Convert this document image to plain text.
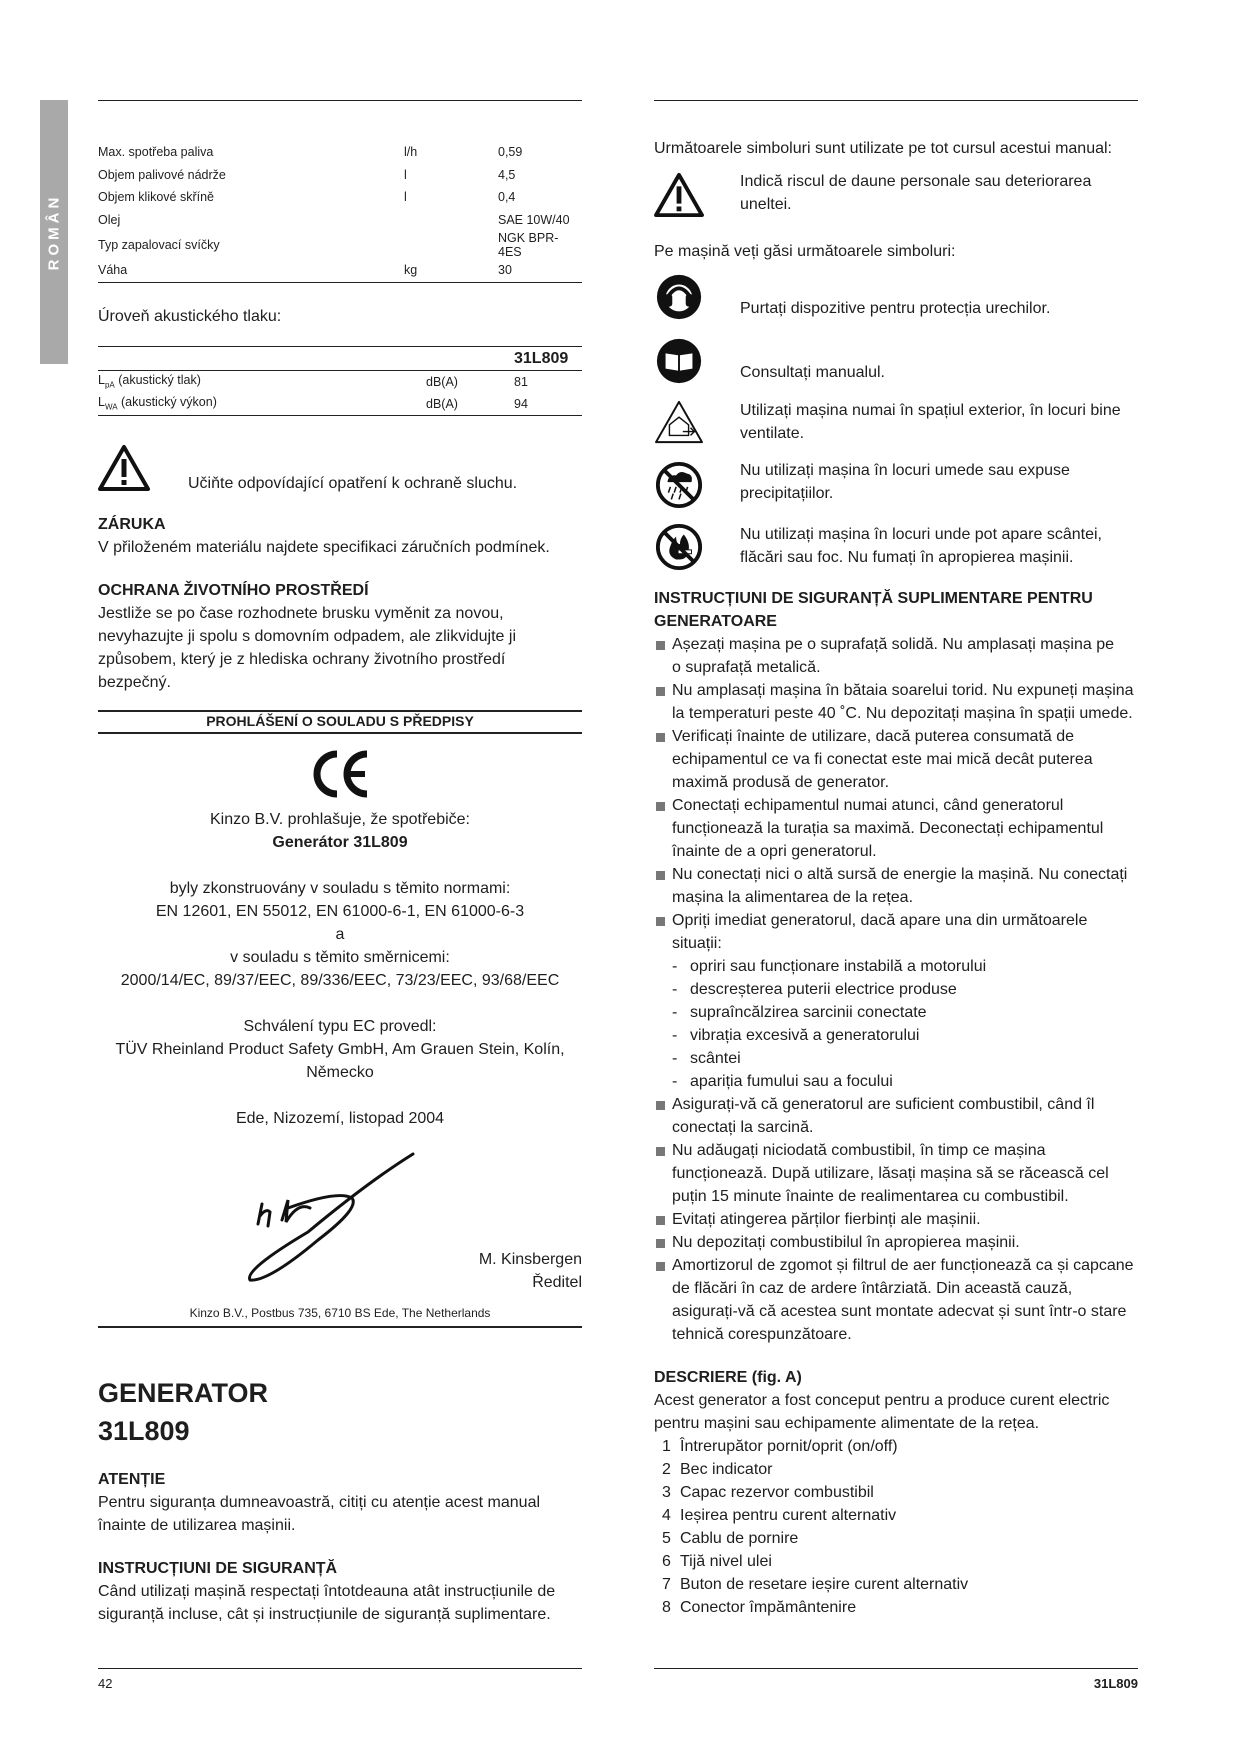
ROMÂN
Max. spotřeba paliva	l/h	0,59
Objem palivové nádrže	l	4,5
Objem klikové skříně	l	0,4
Olej		SAE 10W/40
Typ zapalovací svíčky		NGK BPR-4ES
Váha	kg	30

Úroveň akustického tlaku:

		31L809
$L_{pA}$ (akustický tlak)	dB(A)	81
$L_{WA}$ (akustický výkon)	dB(A)	94

Učiňte odpovídající opatření k ochraně sluchu.

ZÁRUKA

V přiloženém materiálu najdete specifikaci záručních podmínek.

OCHRANA ŽIVOTNÍHO PROSTŘEDÍ

Jestliže se po čase rozhodnete brusku vyměnit za novou,

nevyhazujte ji spolu s domovním odpadem, ale zlikvidujte ji

způsobem, který je z hlediska ochrany životního prostředí bezpečný.

PROHLÁŠENÍ O SOULADU S PŘEDPISY

Kinzo B.V. prohlašuje, že spotřebiče:

Generátor 31L809

byly zkonstruovány v souladu s těmito normami:

EN 12601, EN 55012, EN 61000-6-1, EN 61000-6-3

a

v souladu s těmito směrnicemi:

2000/14/EC, 89/37/EEC, 89/336/EEC, 73/23/EEC, 93/68/EEC

Schválení typu EC provedl:

TÜV Rheinland Product Safety GmbH, Am Grauen Stein, Kolín,

Německo

Ede, Nizozemí, listopad 2004

M. Kinsbergen
Ředitel
Kinzo B.V., Postbus 735, 6710 BS Ede, The Netherlands
GENERATOR
31L809

ATENȚIE

Pentru siguranța dumneavoastră, citiți cu atenție acest manual

înainte de utilizarea mașinii.

INSTRUCȚIUNI DE SIGURANȚĂ

Când utilizați mașină respectați întotdeauna atât instrucțiunile de

siguranță incluse, cât și instrucțiunile de siguranță suplimentare.

Următoarele simboluri sunt utilizate pe tot cursul acestui manual:

Indică riscul de daune personale sau deteriorarea

uneltei.

Pe mașină veți găsi următoarele simboluri:

Purtați dispozitive pentru protecția urechilor.

Consultați manualul.

Utilizați mașina numai în spațiul exterior, în locuri bine

ventilate.

Nu utilizați mașina în locuri umede sau expuse

precipitațiilor.

Nu utilizați mașina în locuri unde pot apare scântei,

flăcări sau foc. Nu fumați în apropierea mașinii.

INSTRUCȚIUNI DE SIGURANȚĂ SUPLIMENTARE PENTRU

GENERATOARE

Așezați mașina pe o suprafață solidă. Nu amplasați mașina pe
o suprafață metalică.
Nu amplasați mașina în bătaia soarelui torid. Nu expuneți mașina
la temperaturi peste 40 ˚C. Nu depozitați mașina în spații umede.
Verificați înainte de utilizare, dacă puterea consumată de
echipamentul ce va fi conectat este mai mică decât puterea
maximă produsă de generator.
Conectați echipamentul numai atunci, când generatorul
funcționează la turația sa maximă. Deconectați echipamentul
înainte de a opri generatorul.
Nu conectați nici o altă sursă de energie la mașină. Nu conectați
mașina la alimentarea de la rețea.
Opriți imediat generatorul, dacă apare una din următoarele situații:
- opriri sau funcționare instabilă a motorului
- descreșterea puterii electrice produse
- supraîncălzirea sarcinii conectate
- vibrația excesivă a generatorului
- scântei
- apariția fumului sau a focului
Asigurați-vă că generatorul are suficient combustibil, când îl
conectați la sarcină.
Nu adăugați niciodată combustibil, în timp ce mașina
funcționează. După utilizare, lăsați mașina să se răcească cel
puțin 15 minute înainte de realimentarea cu combustibil.
Evitați atingerea părților fierbinți ale mașinii.
Nu depozitați combustibilul în apropierea mașinii.
Amortizorul de zgomot și filtrul de aer funcționează ca și capcane
de flăcări în caz de ardere întârziată. Din această cauză,
asigurați-vă că acestea sunt montate adecvat și sunt într-o stare
tehnică corespunzătoare.

DESCRIERE (fig. A)

Acest generator a fost conceput pentru a produce curent electric

pentru mașini sau echipamente alimentate de la rețea.

1 Întrerupător pornit/oprit (on/off)
2 Bec indicator
3 Capac rezervor combustibil
4 Ieșirea pentru curent alternativ
5 Cablu de pornire
6 Tijă nivel ulei
7 Buton de resetare ieșire curent alternativ
8 Conector împământenire
42	31L809
